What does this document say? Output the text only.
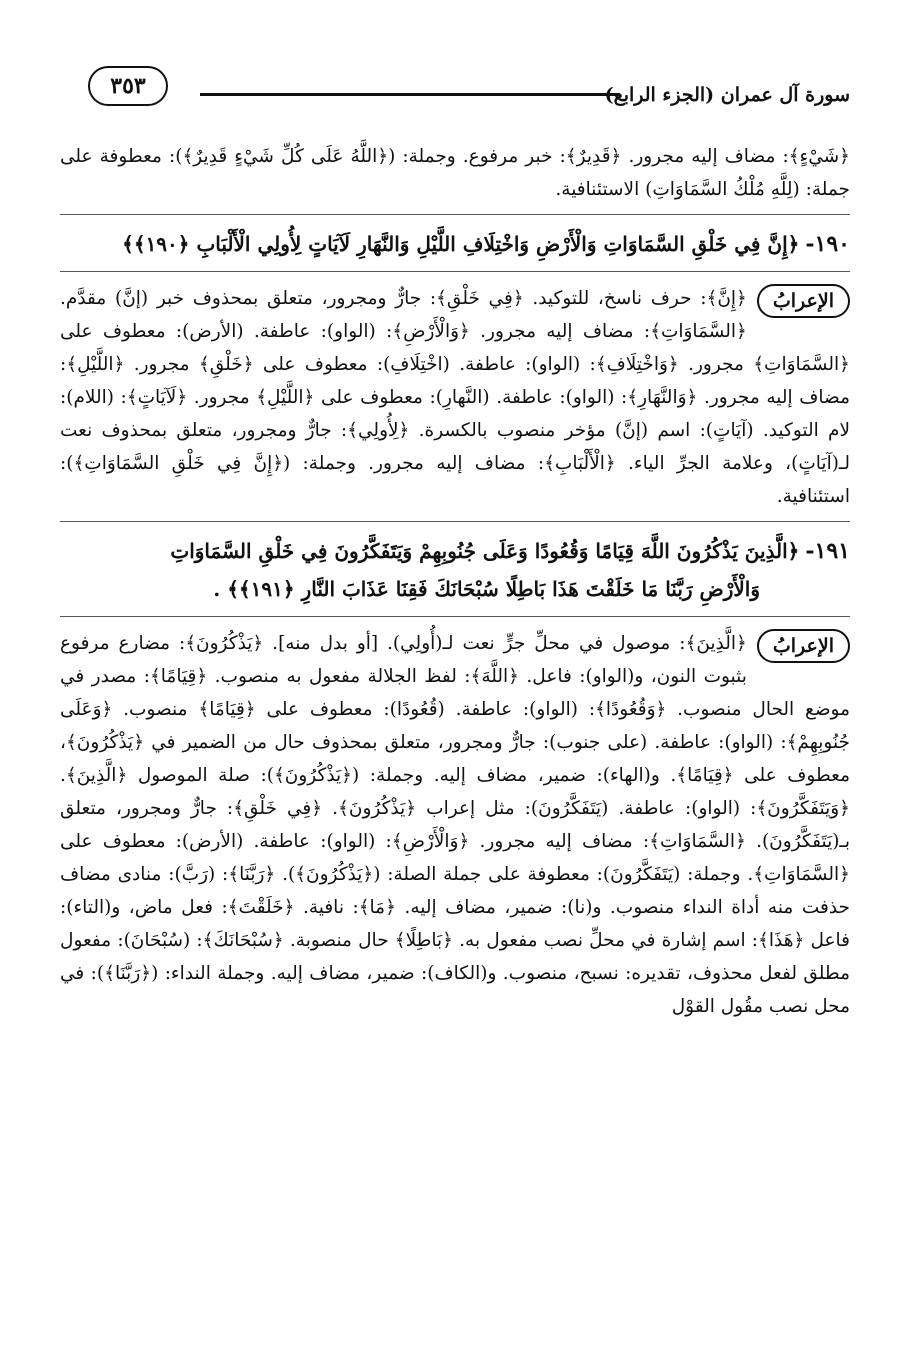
٣٥٣	سورة آل عمران (الجزء الرابع)

﴿شَيْءٍ﴾: مضاف إليه مجرور. ﴿قَدِيرٌ﴾: خبر مرفوع. وجملة: (﴿اللَّهُ عَلَى كُلِّ شَيْءٍ قَدِيرٌ﴾): معطوفة على جملة: (لِلَّهِ مُلْكُ السَّمَاوَاتِ) الاستئنافية.

١٩٠-﴿إِنَّ فِي خَلْقِ السَّمَاوَاتِ وَالْأَرْضِ وَاخْتِلَافِ اللَّيْلِ وَالنَّهَارِ لَآيَاتٍ لِأُولِي الْأَلْبَابِ ﴿١٩٠﴾﴾
الإعرابُ

﴿إِنَّ﴾: حرف ناسخ، للتوكيد. ﴿فِي خَلْقِ﴾: جارٌّ ومجرور، متعلق بمحذوف خبر (إنَّ) مقدَّم. ﴿السَّمَاوَاتِ﴾: مضاف إليه مجرور. ﴿وَالْأَرْضِ﴾: (الواو): عاطفة. (الأرض): معطوف على ﴿السَّمَاوَاتِ﴾ مجرور. ﴿وَاخْتِلَافِ﴾: (الواو): عاطفة. (اخْتِلَافِ): معطوف على ﴿خَلْقِ﴾ مجرور. ﴿اللَّيْلِ﴾: مضاف إليه مجرور. ﴿وَالنَّهَارِ﴾: (الواو): عاطفة. (النَّهارِ): معطوف على ﴿اللَّيْلِ﴾ مجرور. ﴿لَآيَاتٍ﴾: (اللام): لام التوكيد. (آيَاتٍ): اسم (إنَّ) مؤخر منصوب بالكسرة. ﴿لِأُولِي﴾: جارٌّ ومجرور، متعلق بمحذوف نعت لـ(آيَاتٍ)، وعلامة الجرِّ الياء. ﴿الْأَلْبَابِ﴾: مضاف إليه مجرور. وجملة: (﴿إِنَّ فِي خَلْقِ السَّمَاوَاتِ﴾): استئنافية.

١٩١-﴿الَّذِينَ يَذْكُرُونَ اللَّهَ قِيَامًا وَقُعُودًا وَعَلَى جُنُوبِهِمْ وَيَتَفَكَّرُونَ فِي خَلْقِ السَّمَاوَاتِ
وَالْأَرْضِ رَبَّنَا مَا خَلَقْتَ هَذَا بَاطِلًا سُبْحَانَكَ فَقِنَا عَذَابَ النَّارِ ﴿١٩١﴾﴾ .
الإعرابُ

﴿الَّذِينَ﴾: موصول في محلِّ جرٍّ نعت لـ(أُولِي). [أو بدل منه]. ﴿يَذْكُرُونَ﴾: مضارع مرفوع بثبوت النون، و(الواو): فاعل. ﴿اللَّهَ﴾: لفظ الجلالة مفعول به منصوب. ﴿قِيَامًا﴾: مصدر في موضع الحال منصوب. ﴿وَقُعُودًا﴾: (الواو): عاطفة. (قُعُودًا): معطوف على ﴿قِيَامًا﴾ منصوب. ﴿وَعَلَى جُنُوبِهِمْ﴾: (الواو): عاطفة. (على جنوب): جارٌّ ومجرور، متعلق بمحذوف حال من الضمير في ﴿يَذْكُرُونَ﴾، معطوف على ﴿قِيَامًا﴾. و(الهاء): ضمير، مضاف إليه. وجملة: (﴿يَذْكُرُونَ﴾): صلة الموصول ﴿الَّذِينَ﴾. ﴿وَيَتَفَكَّرُونَ﴾: (الواو): عاطفة. (يَتَفَكَّرُونَ): مثل إعراب ﴿يَذْكُرُونَ﴾. ﴿فِي خَلْقِ﴾: جارٌّ ومجرور، متعلق بـ(يَتَفَكَّرُونَ). ﴿السَّمَاوَاتِ﴾: مضاف إليه مجرور. ﴿وَالْأَرْضِ﴾: (الواو): عاطفة. (الأرض): معطوف على ﴿السَّمَاوَاتِ﴾. وجملة: (يَتَفَكَّرُونَ): معطوفة على جملة الصلة: (﴿يَذْكُرُونَ﴾). ﴿رَبَّنَا﴾: (رَبَّ): منادى مضاف حذفت منه أداة النداء منصوب. و(نا): ضمير، مضاف إليه. ﴿مَا﴾: نافية. ﴿خَلَقْتَ﴾: فعل ماض، و(التاء): فاعل ﴿هَذَا﴾: اسم إشارة في محلِّ نصب مفعول به. ﴿بَاطِلًا﴾ حال منصوبة. ﴿سُبْحَانَكَ﴾: (سُبْحَانَ): مفعول مطلق لفعل محذوف، تقديره: نسبح، منصوب. و(الكاف): ضمير، مضاف إليه. وجملة النداء: (﴿رَبَّنَا﴾): في محل نصب مقُول القوْل
